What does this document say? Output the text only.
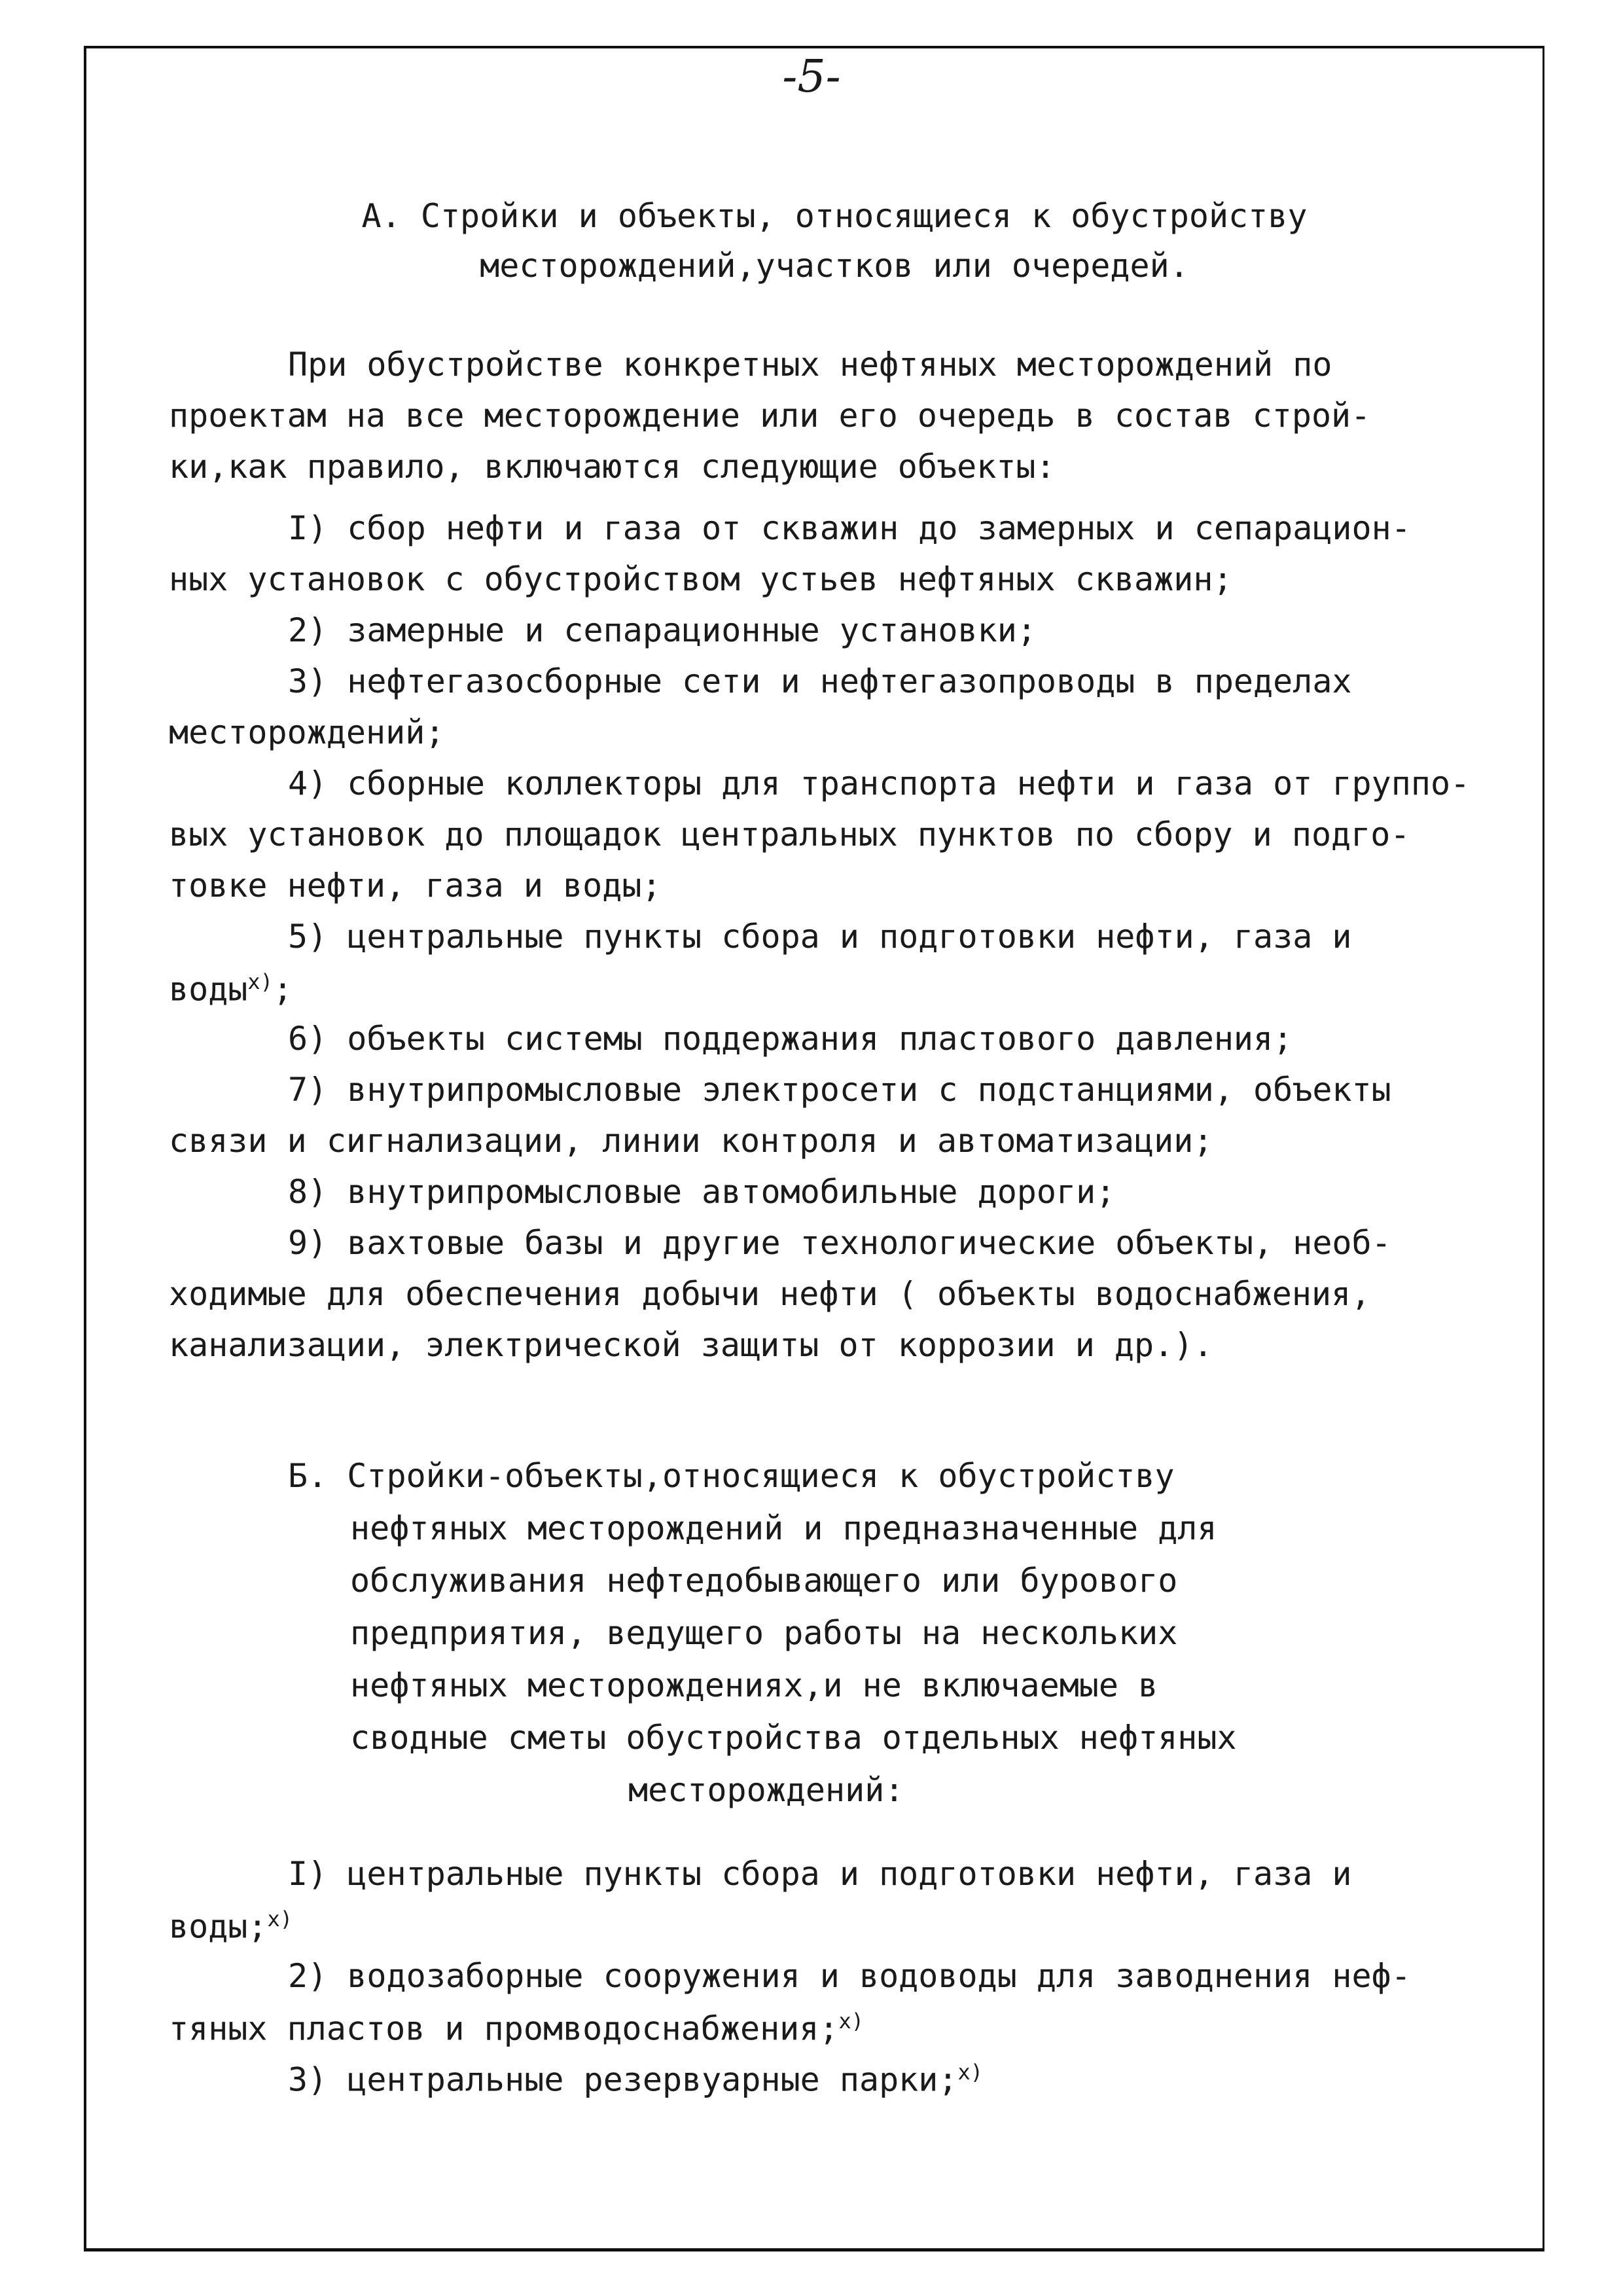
-5-
А. Стройки и объекты, относящиеся к обустройству
месторождений,участков или очередей.
При обустройстве конкретных нефтяных месторождений по
проектам на все месторождение или его очередь в состав строй-
ки,как правило, включаются следующие объекты:
I) сбор нефти и газа от скважин до замерных и сепарацион-
ных установок с обустройством устьев нефтяных скважин;
2) замерные и сепарационные установки;
3) нефтегазосборные сети и нефтегазопроводы в пределах
месторождений;
4) сборные коллекторы для транспорта нефти и газа от группо-
вых установок до площадок центральных пунктов по сбору и подго-
товке нефти, газа и воды;
5) центральные пункты сбора и подготовки нефти, газа и
воды$^{х)}$;
6) объекты системы поддержания пластового давления;
7) внутрипромысловые электросети с подстанциями, объекты
связи и сигнализации, линии контроля и автоматизации;
8) внутрипромысловые автомобильные дороги;
9) вахтовые базы и другие технологические объекты, необ-
ходимые для обеспечения добычи нефти ( объекты водоснабжения,
канализации, электрической защиты от коррозии и др.).
Б. Стройки-объекты,относящиеся к обустройству
нефтяных месторождений и предназначенные для
обслуживания нефтедобывающего или бурового
предприятия, ведущего работы на нескольких
нефтяных месторождениях,и не включаемые в
сводные сметы обустройства отдельных нефтяных
месторождений:
I) центральные пункты сбора и подготовки нефти, газа и
воды;$^{х)}$
2) водозаборные сооружения и водоводы для заводнения неф-
тяных пластов и промводоснабжения;$^{х)}$
3) центральные резервуарные парки;$^{х)}$
